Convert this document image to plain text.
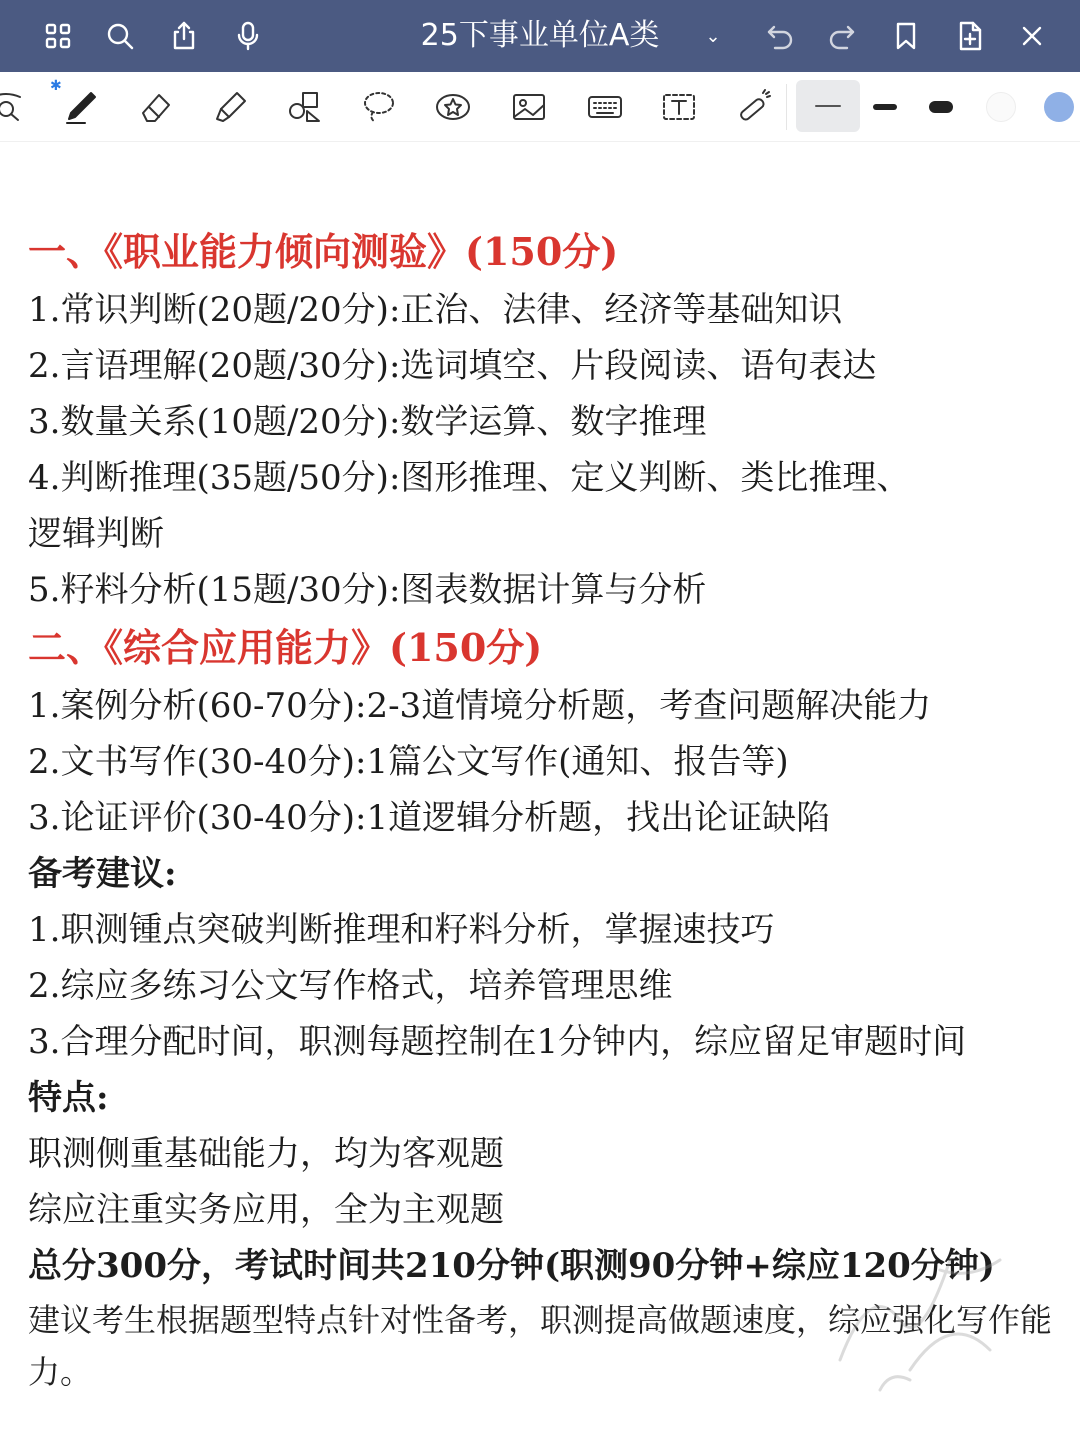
25下事业单位A类	⌄
✱
一、《职业能力倾向测验》(150分)
1.常识判断(20题/20分):正治、法律、经济等基础知识
2.言语理解(20题/30分):选词填空、片段阅读、语句表达
3.数量关系(10题/20分):数学运算、数字推理
4.判断推理(35题/50分):图形推理、定义判断、类比推理、
逻辑判断
5.籽料分析(15题/30分):图表数据计算与分析
二、《综合应用能力》(150分)
1.案例分析(60-70分):2-3道情境分析题，考查问题解决能力
2.文书写作(30-40分):1篇公文写作(通知、报告等)
3.论证评价(30-40分):1道逻辑分析题，找出论证缺陷
备考建议:
1.职测锺点突破判断推理和籽料分析，掌握速技巧
2.综应多练习公文写作格式，培养管理思维
3.合理分配时间，职测每题控制在1分钟内，综应留足审题时间
特点:
职测侧重基础能力，均为客观题
综应注重实务应用，全为主观题
总分300分，考试时间共210分钟(职测90分钟+综应120分钟)
建议考生根据题型特点针对性备考，职测提高做题速度，综应强化写作能力。
